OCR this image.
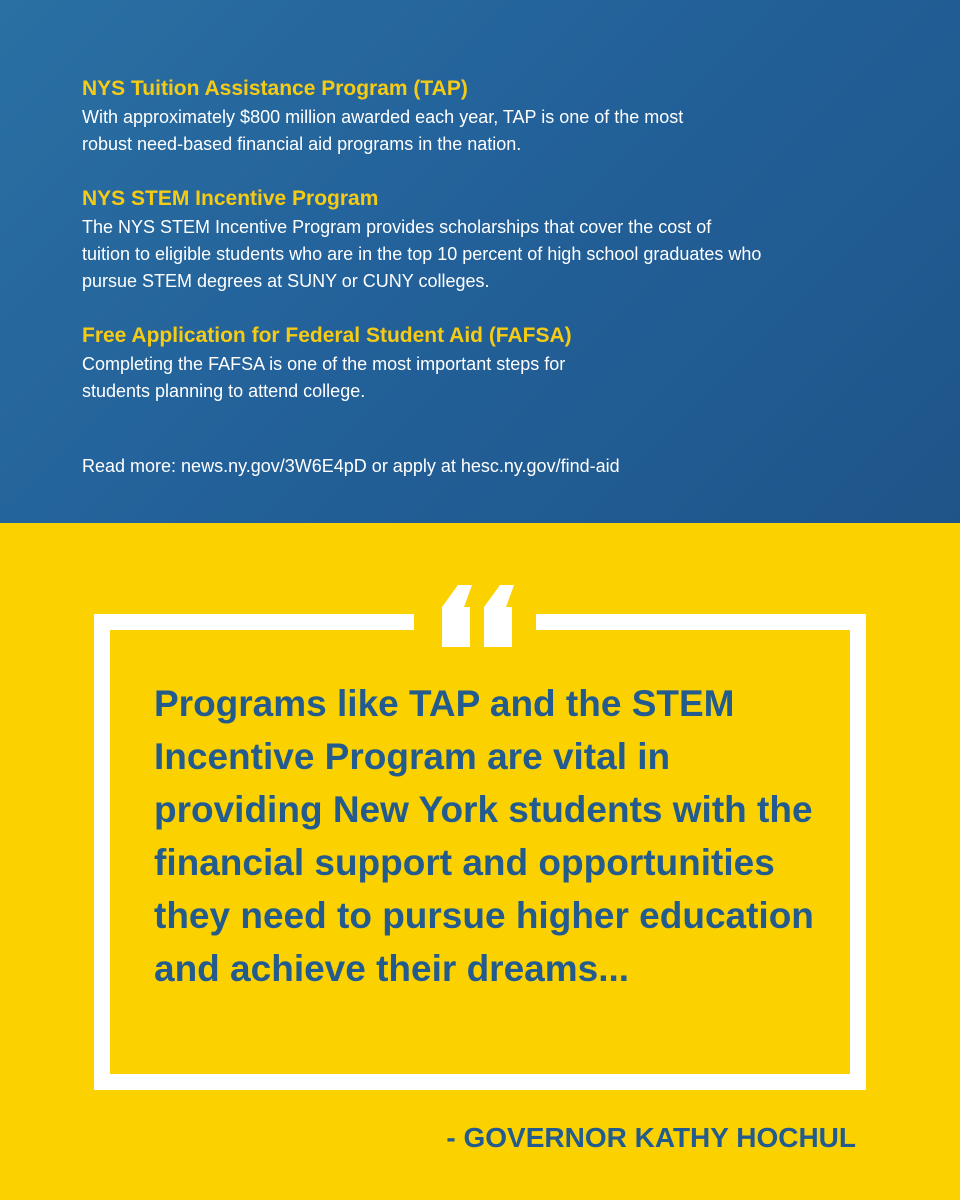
NYS Tuition Assistance Program (TAP)

With approximately $800 million awarded each year, TAP is one of the most robust need-based financial aid programs in the nation.

NYS STEM Incentive Program

The NYS STEM Incentive Program provides scholarships that cover the cost of tuition to eligible students who are in the top 10 percent of high school graduates who pursue STEM degrees at SUNY or CUNY colleges.

Free Application for Federal Student Aid (FAFSA)

Completing the FAFSA is one of the most important steps for students planning to attend college.

Read more: news.ny.gov/3W6E4pD or apply at hesc.ny.gov/find-aid

Programs like TAP and the STEM Incentive Program are vital in providing New York students with the financial support and opportunities they need to pursue higher education and achieve their dreams...

- GOVERNOR KATHY HOCHUL
